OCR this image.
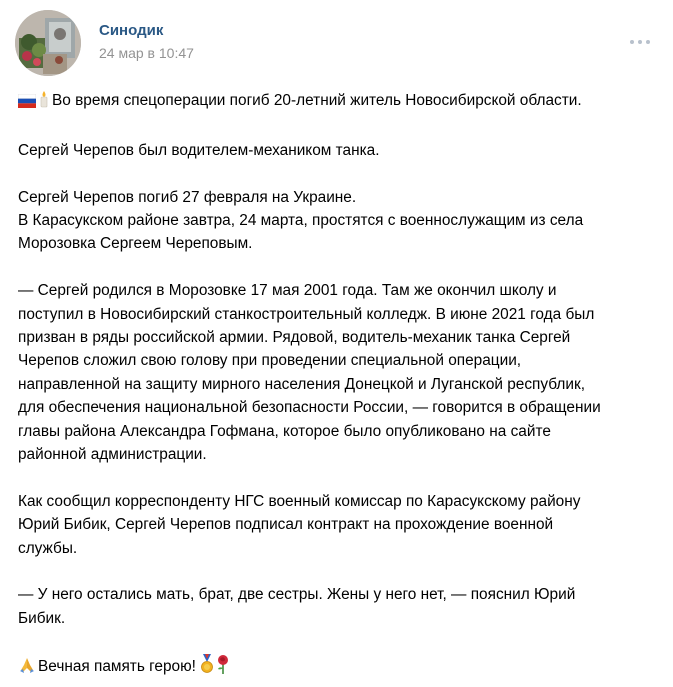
Синодик
24 мар в 10:47
Во время спецоперации погиб 20-летний житель Новосибирской области.
Сергей Черепов был водителем-механиком танка.
Сергей Черепов погиб 27 февраля на Украине.
В Карасукском районе завтра, 24 марта, простятся с военнослужащим из села
Морозовка Сергеем Череповым.
— Сергей родился в Морозовке 17 мая 2001 года. Там же окончил школу и
поступил в Новосибирский станкостроительный колледж. В июне 2021 года был
призван в ряды российской армии. Рядовой, водитель-механик танка Сергей
Черепов сложил свою голову при проведении специальной операции,
направленной на защиту мирного населения Донецкой и Луганской республик,
для обеспечения национальной безопасности России, — говорится в обращении
главы района Александра Гофмана, которое было опубликовано на сайте
районной администрации.
Как сообщил корреспонденту НГС военный комиссар по Карасукскому району
Юрий Бибик, Сергей Черепов подписал контракт на прохождение военной
службы.
— У него остались мать, брат, две сестры. Жены у него нет, — пояснил Юрий
Бибик.
Вечная память герою!
